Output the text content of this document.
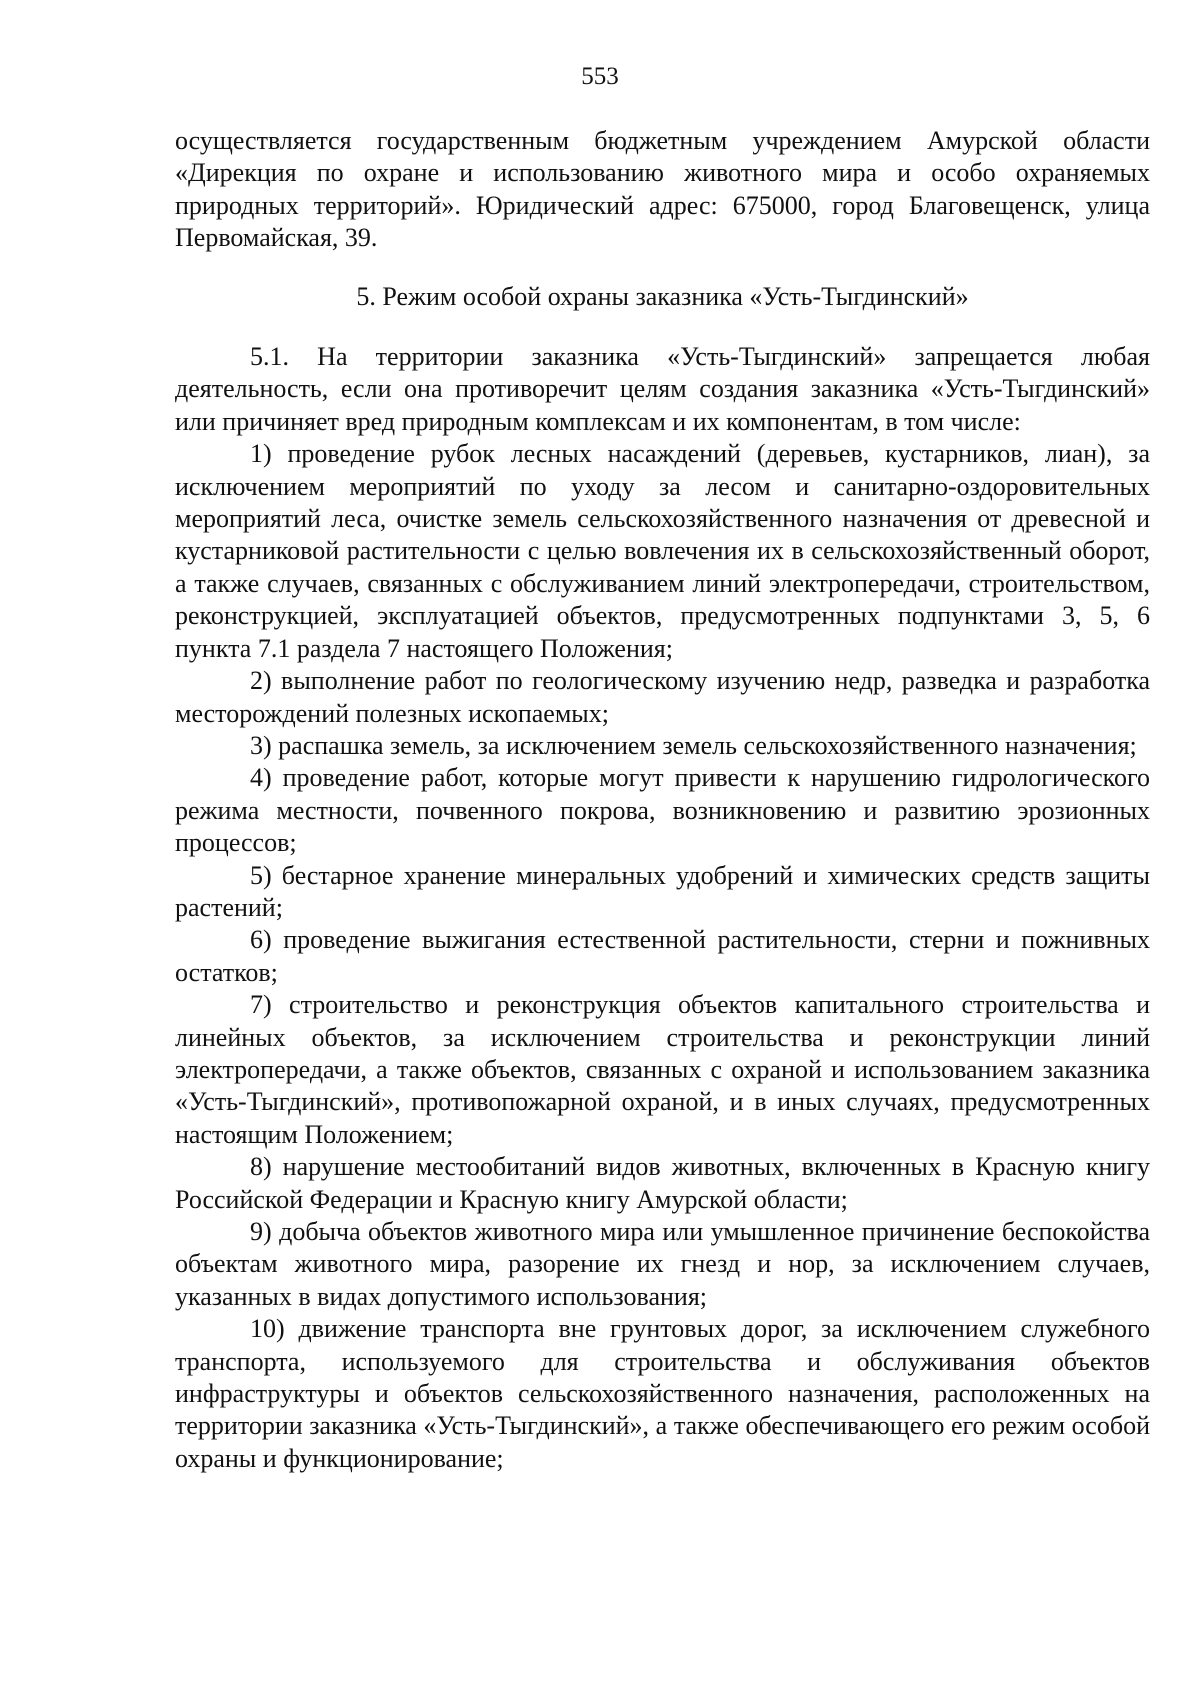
553

осуществляется государственным бюджетным учреждением Амурской области «Дирекция по охране и использованию животного мира и особо охраняемых природных территорий». Юридический адрес: 675000, город Благовещенск, улица Первомайская, 39.

5. Режим особой охраны заказника «Усть-Тыгдинский»

5.1. На территории заказника «Усть-Тыгдинский» запрещается любая деятельность, если она противоречит целям создания заказника «Усть-Тыгдинский» или причиняет вред природным комплексам и их компонентам, в том числе:

1) проведение рубок лесных насаждений (деревьев, кустарников, лиан), за исключением мероприятий по уходу за лесом и санитарно-оздоровительных мероприятий леса, очистке земель сельскохозяйственного назначения от древесной и кустарниковой растительности с целью вовлечения их в сельскохозяйственный оборот, а также случаев, связанных с обслуживанием линий электропередачи, строительством, реконструкцией, эксплуатацией объектов, предусмотренных подпунктами 3, 5, 6 пункта 7.1 раздела 7 настоящего Положения;

2) выполнение работ по геологическому изучению недр, разведка и разработка месторождений полезных ископаемых;

3) распашка земель, за исключением земель сельскохозяйственного назначения;

4) проведение работ, которые могут привести к нарушению гидрологического режима местности, почвенного покрова, возникновению и развитию эрозионных процессов;

5) бестарное хранение минеральных удобрений и химических средств защиты растений;

6) проведение выжигания естественной растительности, стерни и пожнивных остатков;

7) строительство и реконструкция объектов капитального строительства и линейных объектов, за исключением строительства и реконструкции линий электропередачи, а также объектов, связанных с охраной и использованием заказника «Усть-Тыгдинский», противопожарной охраной, и в иных случаях, предусмотренных настоящим Положением;

8) нарушение местообитаний видов животных, включенных в Красную книгу Российской Федерации и Красную книгу Амурской области;

9) добыча объектов животного мира или умышленное причинение беспокойства объектам животного мира, разорение их гнезд и нор, за исключением случаев, указанных в видах допустимого использования;

10) движение транспорта вне грунтовых дорог, за исключением служебного транспорта, используемого для строительства и обслуживания объектов инфраструктуры и объектов сельскохозяйственного назначения, расположенных на территории заказника «Усть-Тыгдинский», а также обеспечивающего его режим особой охраны и функционирование;
